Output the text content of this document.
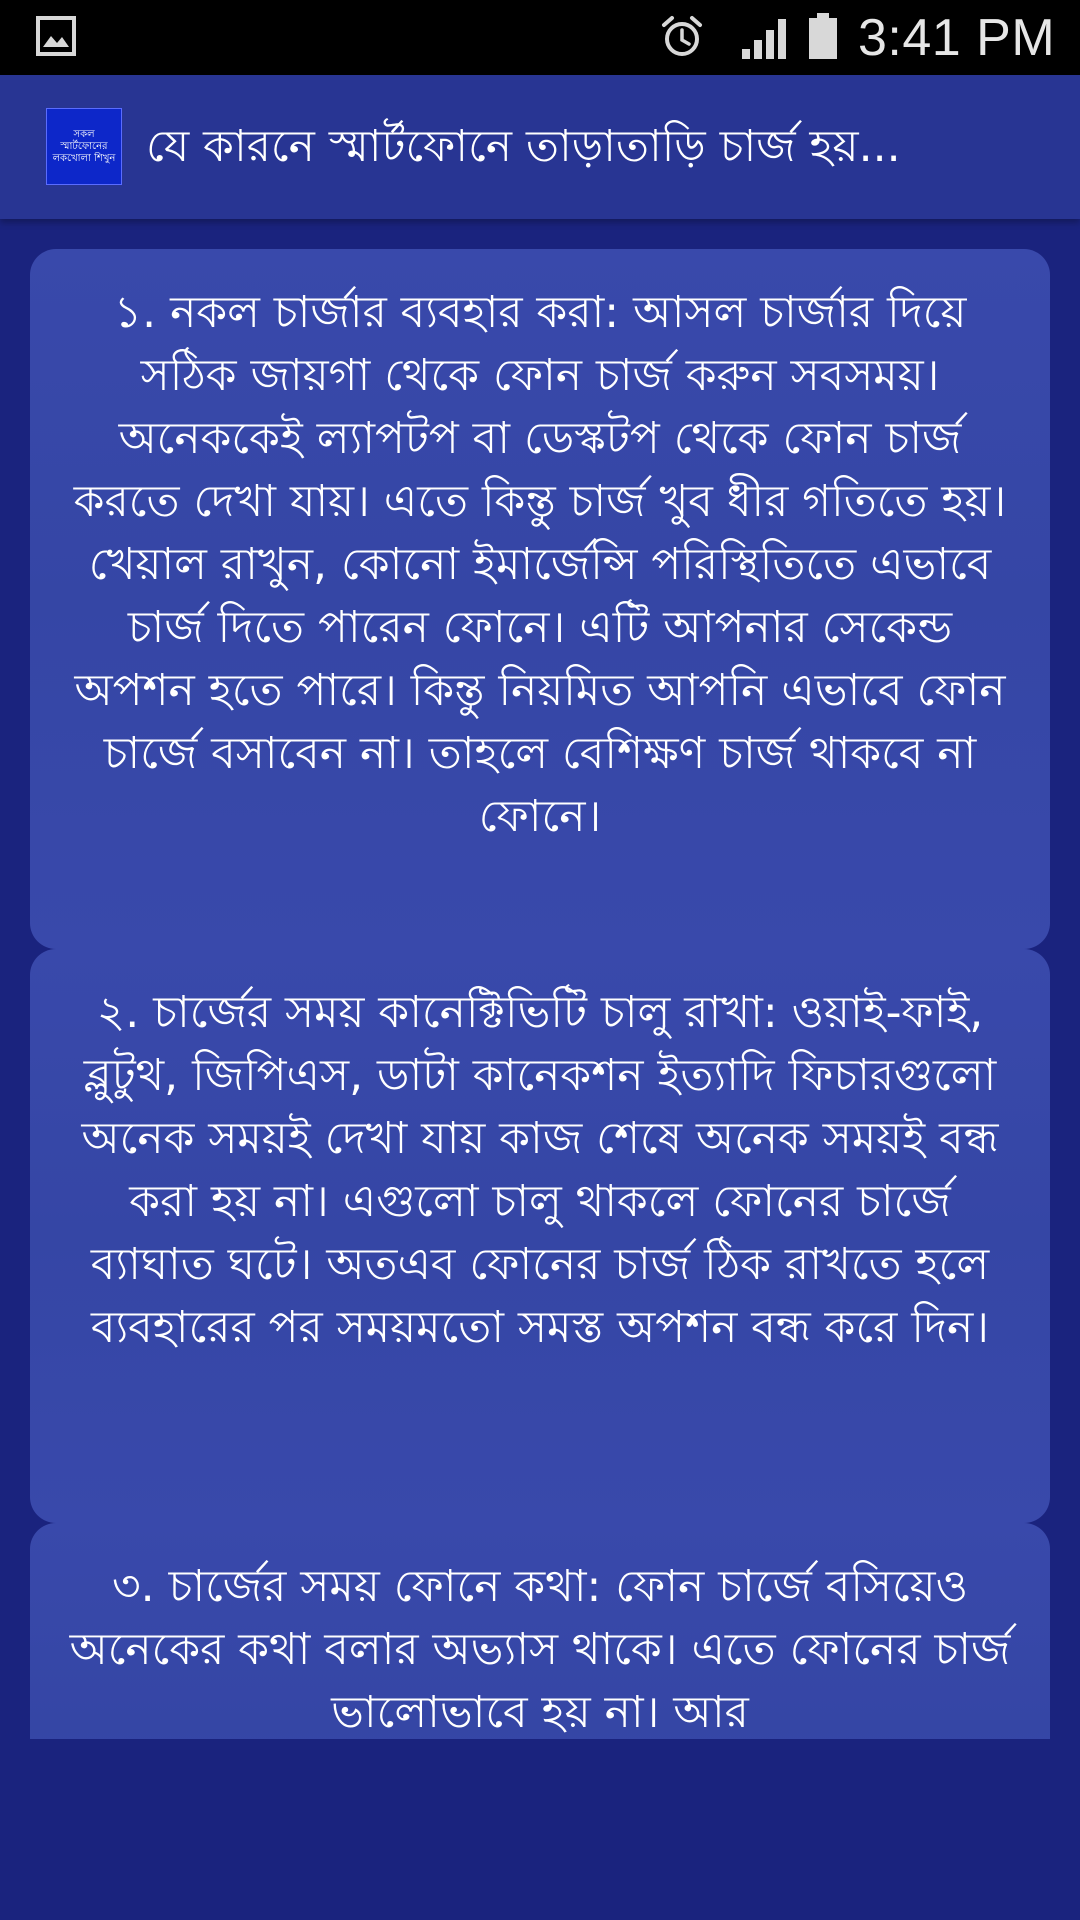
3:41 PM
সকল স্মার্টফোনের লকখোলা শিখুন যে কারনে স্মার্টফোনে তাড়াতাড়ি চার্জ হয়...
১. নকল চার্জার ব্যবহার করা: আসল চার্জার দিয়ে সঠিক জায়গা থেকে ফোন চার্জ করুন সবসময়। অনেককেই ল্যাপটপ বা ডেস্কটপ থেকে ফোন চার্জ করতে দেখা যায়। এতে কিন্তু চার্জ খুব ধীর গতিতে হয়। খেয়াল রাখুন, কোনো ইমার্জেন্সি পরিস্থিতিতে এভাবে চার্জ দিতে পারেন ফোনে। এটি আপনার সেকেন্ড অপশন হতে পারে। কিন্তু নিয়মিত আপনি এভাবে ফোন চার্জে বসাবেন না। তাহলে বেশিক্ষণ চার্জ থাকবে না ফোনে।
২. চার্জের সময় কানেক্টিভিটি চালু রাখা: ওয়াই-ফাই, ব্লুটুথ, জিপিএস, ডাটা কানেকশন ইত্যাদি ফিচারগুলো অনেক সময়ই দেখা যায় কাজ শেষে অনেক সময়ই বন্ধ করা হয় না। এগুলো চালু থাকলে ফোনের চার্জে ব্যাঘাত ঘটে। অতএব ফোনের চার্জ ঠিক রাখতে হলে ব্যবহারের পর সময়মতো সমস্ত অপশন বন্ধ করে দিন।
৩. চার্জের সময় ফোনে কথা: ফোন চার্জে বসিয়েও অনেকের কথা বলার অভ্যাস থাকে। এতে ফোনের চার্জ ভালোভাবে হয় না। আর
